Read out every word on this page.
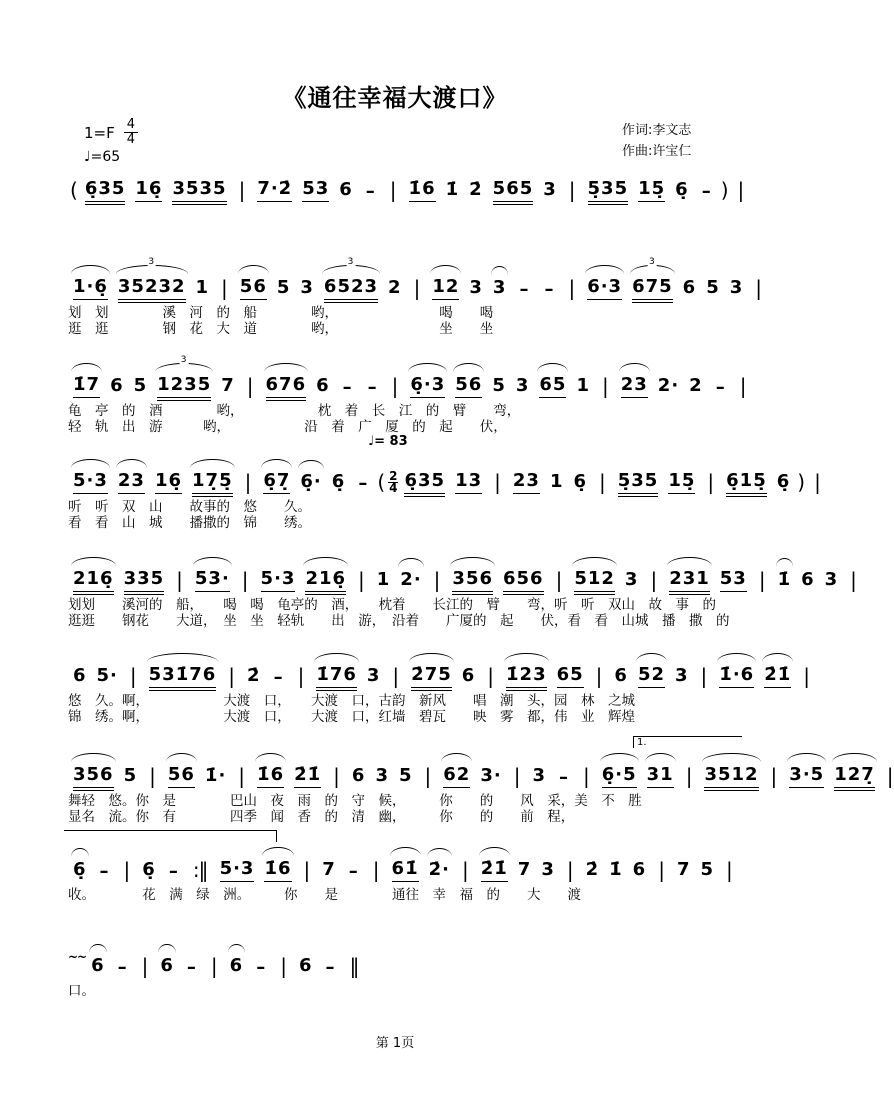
《通往幸福大渡口》
$1=F \frac{4}{4}$
♩=65
作词:李文志
作曲:许宝仁
( 6̣35 16̣ 3535 | 7·2̇ 53 6 – | 1̇6 1̇ 2̇ 565 3 | 5̣35 15̣ 6̣ – ) |
1·6̣ 35232
3
1 | 56 5 3 6523
3
2 | 12 3 3 – – | 6·3 675
3
6 5 3 |
划　划　　　　溪　河　的　船　　　　哟，　　　　　　　　喝　　喝
逛　逛　　　　钢　花　大　道　　　　哟，　　　　　　　　坐　　坐
1̇7 6 5 1235
3
7 | 676 6 – – | 6̣·3 56 5 3 65 1 | 23 2· 2 – |
龟　亭　的　酒　　　　哟，　　　　　　枕　着　长　江　的　臂　　弯，
轻　轨　出　游　　　哟，　　　　　　沿　着　广　厦　的　起　　伏，
♩= 83
5·3 23 16̣ 17̣5̣ | 6̣7̣ 6̣· 6̣ – ( 2
4 6̣35 13 | 23 1 6̣ | 5̣35 15̣ | 6̣15̣ 6̣ ) |
听　听　双　山　　故事的　悠　　久。
看　看　山　城　　播撒的　锦　　绣。
216̣ 335 | 53· | 5·3 216̣ | 1 2· | 356 656 | 512 3 | 231 53 | 1̇ 6 3 |
划划　　溪河的　船，　　喝　喝　龟亭的　酒，　　枕着　　长江的　臂　　弯，听　听　双山　故　事　的
逛逛　　钢花　　大道，　坐　坐　轻轨　　出　游，　沿着　　广厦的　起　　伏，看　看　山城　播　撒　的
6 5· | 531̇76 | 2̇ – | 1̇76 3 | 2̇75 6 | 1̇23 65 | 6 52 3 | 1̇·6 2̇1̇ |
悠　久。啊，　　　　　　大渡　口，　　大渡　口，古韵　新风　　唱　潮　头，园　林　之城
锦　绣。啊，　　　　　　大渡　口，　　大渡　口，红墙　碧瓦　　映　雾　都，伟　业　辉煌
1.
356 5 | 56 1̇· | 1̇6 2̇1̇ | 6 3 5 | 62 3· | 3 – | 6̣·5 31 | 3512 | 3·5 127̣ |
舞轻　悠。你　是　　　　巴山　夜　雨　的　守　候，　　　你　　的　　风　采，美　不　胜
显名　流。你　有　　　　四季　闻　香　的　清　幽，　　　你　　的　　前　程，
6̣ – | 6̣ – :‖ 5·3 1̇6 | 7 – | 61̇ 2̇· | 2̇1̇ 7 3 | 2̇ 1̇ 6 | 7 5 |
收。　　　　花　满　绿　洲。　　　你　　是　　　　通往　幸　福　的　　大　　渡
~~ 6 – | 6 – | 6 – | 6 – ‖
口。
第 1页
